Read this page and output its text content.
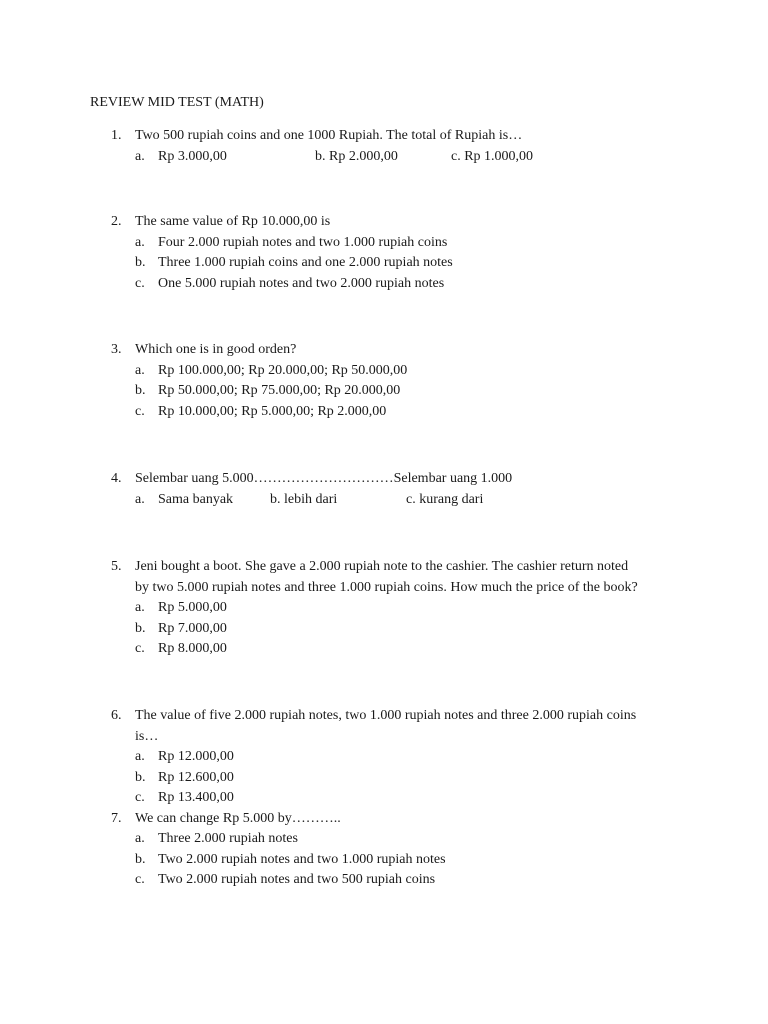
REVIEW MID TEST (MATH)
1. Two 500 rupiah coins and one 1000 Rupiah. The total of Rupiah is…
a. Rp 3.000,00	b. Rp 2.000,00	c. Rp 1.000,00
2. The same value of Rp 10.000,00 is
a. Four 2.000 rupiah notes and two 1.000 rupiah coins
b. Three 1.000 rupiah coins and one 2.000 rupiah notes
c. One 5.000 rupiah notes and two 2.000 rupiah notes
3. Which one is in good orden?
a. Rp 100.000,00; Rp 20.000,00; Rp 50.000,00
b. Rp 50.000,00; Rp 75.000,00; Rp 20.000,00
c. Rp 10.000,00; Rp 5.000,00; Rp 2.000,00
4. Selembar uang 5.000…………………………Selembar uang 1.000
a. Sama banyak	b. lebih dari	c. kurang dari
5. Jeni bought a boot. She gave a 2.000 rupiah note to the cashier. The cashier return noted
by two 5.000 rupiah notes and three 1.000 rupiah coins. How much the price of the book?
a. Rp 5.000,00
b. Rp 7.000,00
c. Rp 8.000,00
6. The value of five 2.000 rupiah notes, two 1.000 rupiah notes and three 2.000 rupiah coins
is…
a. Rp 12.000,00
b. Rp 12.600,00
c. Rp 13.400,00
7. We can change Rp 5.000 by………..
a. Three 2.000 rupiah notes
b. Two 2.000 rupiah notes and two 1.000 rupiah notes
c. Two 2.000 rupiah notes and two 500 rupiah coins
